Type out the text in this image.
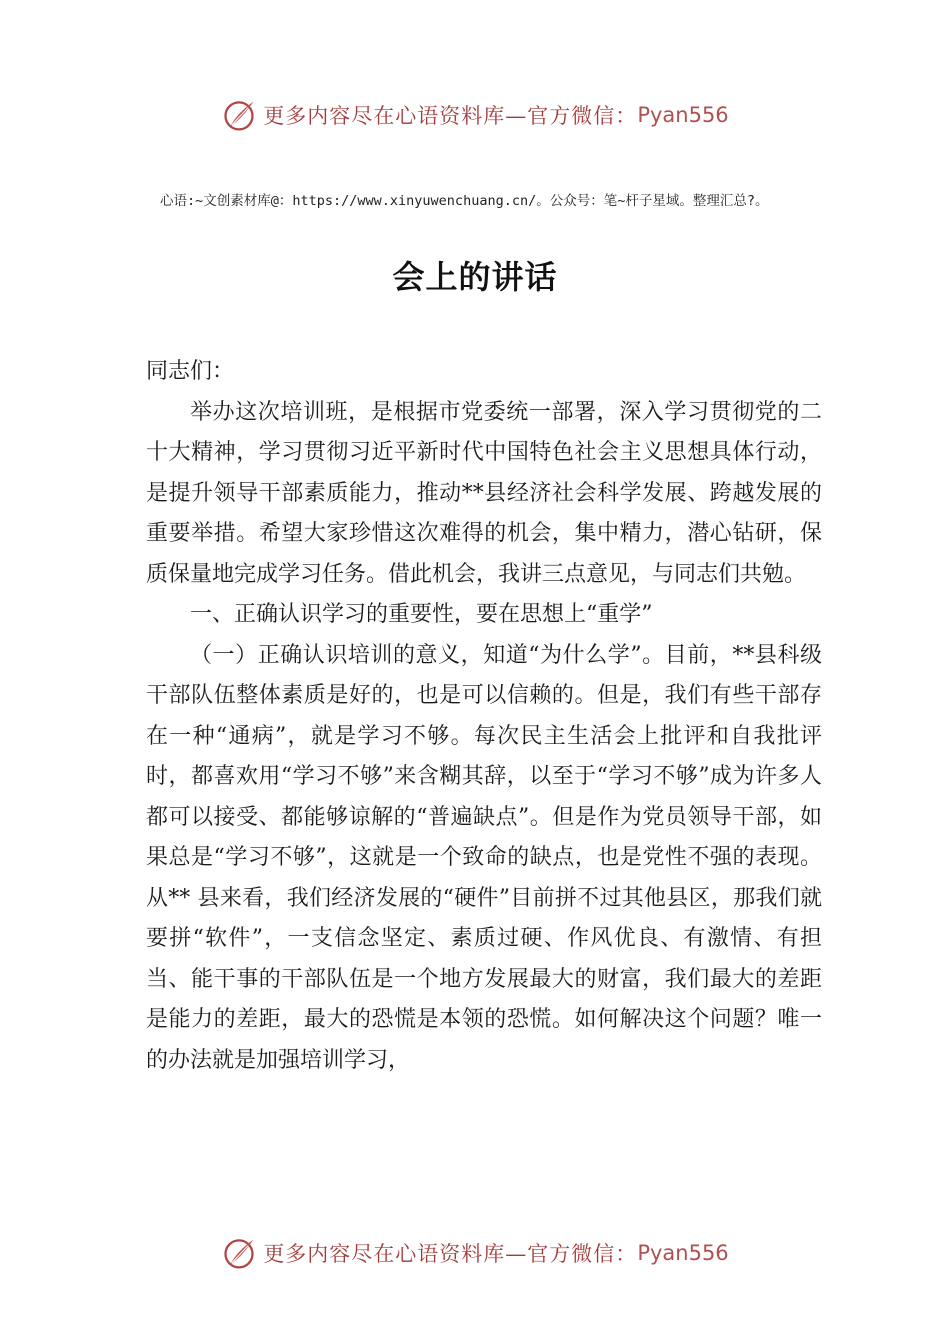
更多内容尽在心语资料库—官方微信： Pyan556
心语:~文创素材库@：https://www.xinyuwenchuang.cn/。公众号：笔~杆子星域。整理汇总?。
会上的讲话

同志们：

举办这次培训班，是根据市党委统一部署，深入学习贯彻党的二十大精神，学习贯彻习近平新时代中国特色社会主义思想具体行动，是提升领导干部素质能力，推动**县经济社会科学发展、跨越发展的重要举措。希望大家珍惜这次难得的机会，集中精力，潜心钻研，保质保量地完成学习任务。借此机会，我讲三点意见，与同志们共勉。

一、正确认识学习的重要性，要在思想上“重学”

（一）正确认识培训的意义，知道“为什么学”。目前，**县科级干部队伍整体素质是好的，也是可以信赖的。但是，我们有些干部存在一种“通病”，就是学习不够。每次民主生活会上批评和自我批评时，都喜欢用“学习不够”来含糊其辞，以至于“学习不够”成为许多人都可以接受、都能够谅解的“普遍缺点”。但是作为党员领导干部，如果总是“学习不够”，这就是一个致命的缺点，也是党性不强的表现。从** 县来看，我们经济发展的“硬件”目前拼不过其他县区，那我们就要拼“软件”，一支信念坚定、素质过硬、作风优良、有激情、有担当、能干事的干部队伍是一个地方发展最大的财富，我们最大的差距是能力的差距，最大的恐慌是本领的恐慌。如何解决这个问题？唯一的办法就是加强培训学习，

更多内容尽在心语资料库—官方微信： Pyan556
